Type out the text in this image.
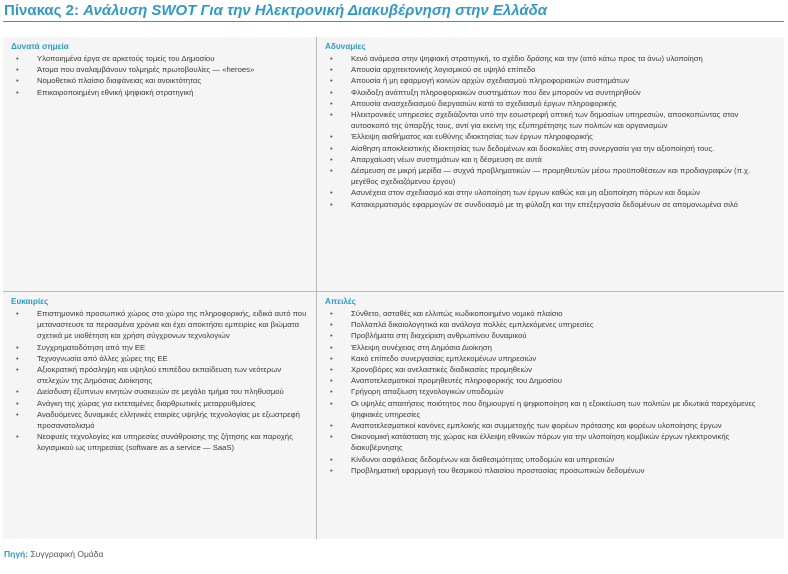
Πίνακας 2: Ανάλυση SWOT Για την Ηλεκτρονική Διακυβέρνηση στην Ελλάδα
Δυνατά σημεία
• Υλοποιημένα έργα σε αρκετούς τομείς του Δημοσίου
• Άτομα που αναλαμβάνουν τολμηρές πρωτοβουλίες — «heroes»
• Νομοθετικό πλαίσιο διαφάνειας και ανοικτότητας
• Επικαιροποιημένη εθνική ψηφιακή στρατηγική
Αδυναμίες
• Κενό ανάμεσα στην ψηφιακή στρατηγική, το σχέδιο δράσης και την (από κάτω προς τα άνω) υλοποίηση
• Απουσία αρχιτεκτονικής λογισμικού σε υψηλό επίπεδο
• Απουσία ή μη εφαρμογή κοινών αρχών σχεδιασμού πληροφοριακών συστημάτων
• Φλοιδοξη ανάπτυξη πληροφοριακών συστημάτων που δεν μπορούν να συντηρηθούν
• Απουσία ανασχεδιασμού διεργασιών κατά το σχεδιασμό έργων πληροφορικής
• Ηλεκτρονικές υπηρεσίες σχεδιάζονται υπό την εσωστρεφή οπτική των δημοσίων υπηρεσιών, αποσκοπώντας στον αυτοσκοπό της ύπαρξής τους, αντί για εκείνη της εξυπηρέτησης των πολιτών και οργανισμών
• Έλλειψη αισθήματος και ευθύνης ιδιοκτησίας των έργων πληροφορικής
• Αίσθηση αποκλειστικής ιδιοκτησίας των δεδομένων και δυσκολίες στη συνεργασία για την αξιοποίησή τους.
• Απαρχαίωση νέων συστημάτων και η δέσμευση σε αυτά
• Δέσμευση σε μικρή μερίδα — συχνά προβληματικών — προμηθευτών μέσω προϋποθέσεων και προδιαγραφών (π.χ. μεγέθος σχεδιαζόμενου έργου)
• Ασυνέχεια στον σχεδιασμό και στην υλοποίηση των έργων καθώς και μη αξιοποίηση πόρων και δομών
• Κατακερματισμός εφαρμογών σε συνδυασμό με τη φύλαξη και την επεξεργασία δεδομένων σε απομονωμένα σιλό
Ευκαιρίες
• Επιστημονικό προσωπικό χώρος στο χώρο της πληροφορικής, ειδικά αυτό που μεταναστευσε τα περασμένα χρόνια και έχει αποκτήσει εμπειρίες και βιώματα σχετικά με υιοθέτηση και χρήση σύγχρονων τεχνολογιών
• Συγχρηματοδότηση από την ΕΕ
• Τεχνογνωσία από άλλες χώρες της ΕΕ
• Αξιοκρατική πρόσληψη και υψηλού επιπέδου εκπαίδευση των νεότερων στελεχών της Δημόσιας Διοίκησης
• Διείσδυση έξυπνων κινητών συσκευών σε μεγάλο τμήμα του πληθυσμού
• Ανάγκη της χώρας για εκτεταμένες διαρθρωτικές μεταρρυθμίσεις
• Αναδυόμενες δυναμικές ελληνικές εταιρίες υψηλής τεχνολογίας με εξωστρεφή προσανατολισμό
• Νεοφυείς τεχνολογίες και υπηρεσίες συνάθροισης της ζήτησης και παροχής λογισμικού ως υπηρεσίας (software as a service — SaaS)
Απειλές
• Σύνθετο, ασταθές και ελλιπώς κωδικοποιημένο νομικό πλαίσιο
• Πολλαπλά δικαιολογητικά και ανάλογα πολλές εμπλεκόμενες υπηρεσίες
• Προβλήματα στη διαχείριση ανθρωπίνου δυναμικού
• Έλλειψη συνέχειας στη Δημόσια Διοίκηση
• Κακό επίπεδο συνεργασίας εμπλεκομένων υπηρεσιών
• Χρονοβόρες και ανελαστικές διαδικασίες προμηθειών
• Αναποτελεσματικοί προμηθευτές πληροφορικής του Δημοσίου
• Γρήγορη απαξίωση τεχνολογικών υποδομών
• Οι υψηλές απαιτήσεις ποιότητος που δημιουργεί η ψηφιοποίηση και η εξοικείωση των πολιτών με ιδιωτικά παρεχόμενες ψηφιακές υπηρεσίες
• Αναποτελεσματικοί κανόνες εμπλοκής και συμμετοχής των φορέων πρότασης και φορέων υλοποίησης έργων
• Οικονομική κατάσταση της χώρας και έλλειψη εθνικών πόρων για την υλοποίηση κομβικών έργων ηλεκτρονικής διακυβέρνησης
• Κίνδυνοι ασφάλειας δεδομένων και διαθεσιμότητας υποδομών και υπηρεσιών
• Προβληματική εφαρμογή του θεσμικού πλαισίου προστασίας προσωπικών δεδομένων
Πηγή: Συγγραφική Ομάδα
